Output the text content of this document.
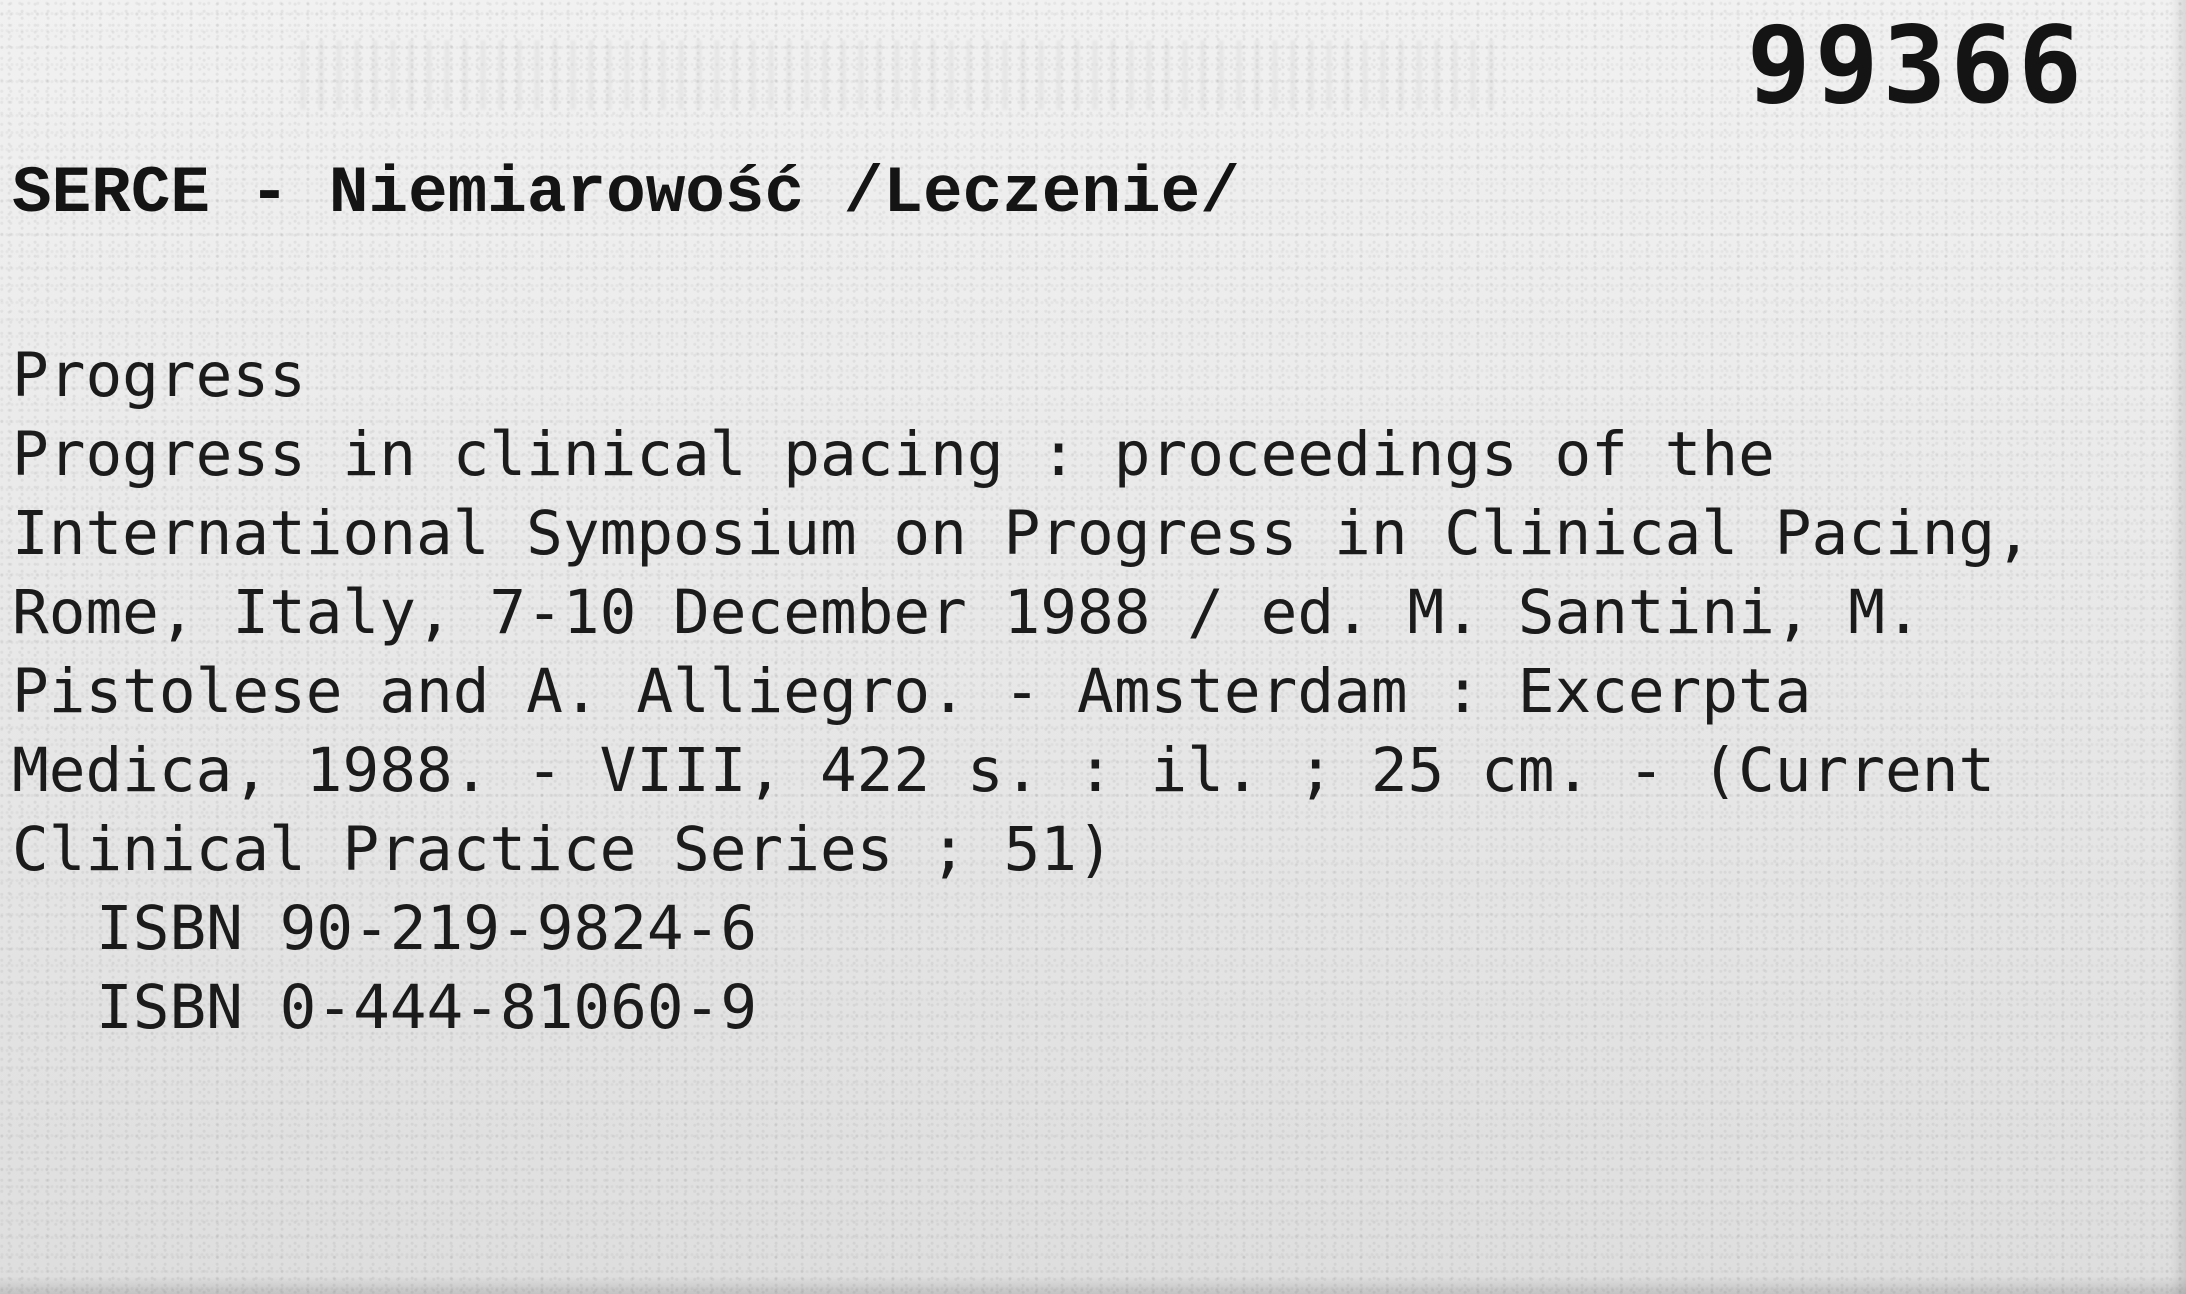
99366
SERCE - Niemiarowość /Leczenie/
Progress
Progress in clinical pacing : proceedings of the
International Symposium on Progress in Clinical Pacing,
Rome, Italy, 7-10 December 1988 / ed. M. Santini, M.
Pistolese and A. Alliegro. - Amsterdam : Excerpta
Medica, 1988. - VIII, 422 s. : il. ; 25 cm. - (Current
Clinical Practice Series ; 51)
ISBN 90-219-9824-6
ISBN 0-444-81060-9
